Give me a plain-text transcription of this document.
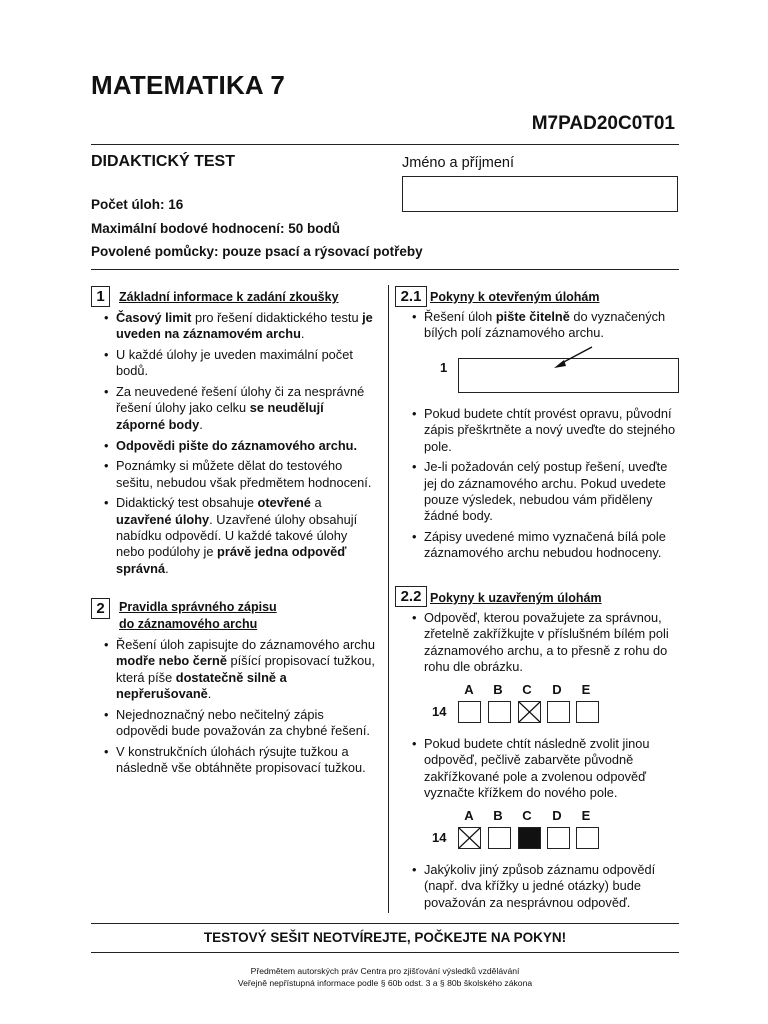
MATEMATIKA 7
M7PAD20C0T01
DIDAKTICKÝ TEST	Jméno a příjmení
Počet úloh: 16
Maximální bodové hodnocení: 50 bodů
Povolené pomůcky: pouze psací a rýsovací potřeby
1	Základní informace k zadání zkoušky
• Časový limit pro řešení didaktického testu je uveden na záznamovém archu.
• U každé úlohy je uveden maximální počet bodů.
• Za neuvedené řešení úlohy či za nesprávné řešení úlohy jako celku se neudělují záporné body.
• Odpovědi pište do záznamového archu.
• Poznámky si můžete dělat do testového sešitu, nebudou však předmětem hodnocení.
• Didaktický test obsahuje otevřené a uzavřené úlohy. Uzavřené úlohy obsahují nabídku odpovědí. U každé takové úlohy nebo podúlohy je právě jedna odpověď správná.
2	Pravidla správného zápisu
do záznamového archu
• Řešení úloh zapisujte do záznamového archu modře nebo černě píšící propisovací tužkou, která píše dostatečně silně a nepřerušovaně.
• Nejednoznačný nebo nečitelný zápis odpovědi bude považován za chybné řešení.
• V konstrukčních úlohách rýsujte tužkou a následně vše obtáhněte propisovací tužkou.
2.1 Pokyny k otevřeným úlohám
• Řešení úloh pište čitelně do vyznačených bílých polí záznamového archu.
1
• Pokud budete chtít provést opravu, původní zápis přeškrtněte a nový uveďte do stejného pole.
• Je-li požadován celý postup řešení, uveďte jej do záznamového archu. Pokud uvedete pouze výsledek, nebudou vám přiděleny žádné body.
• Zápisy uvedené mimo vyznačená bílá pole záznamového archu nebudou hodnoceny.
2.2 Pokyny k uzavřeným úlohám
• Odpověď, kterou považujete za správnou, zřetelně zakřížkujte v příslušném bílém poli záznamového archu, a to přesně z rohu do rohu dle obrázku.
A	B	C	D	E
14
• Pokud budete chtít následně zvolit jinou odpověď, pečlivě zabarvěte původně zakřížkované pole a zvolenou odpověď vyznačte křížkem do nového pole.
A	B	C	D	E
14
• Jakýkoliv jiný způsob záznamu odpovědí (např. dva křížky u jedné otázky) bude považován za nesprávnou odpověď.
TESTOVÝ SEŠIT NEOTVÍREJTE, POČKEJTE NA POKYN!
Předmětem autorských práv Centra pro zjišťování výsledků vzdělávání
Veřejně nepřístupná informace podle § 60b odst. 3 a § 80b školského zákona
